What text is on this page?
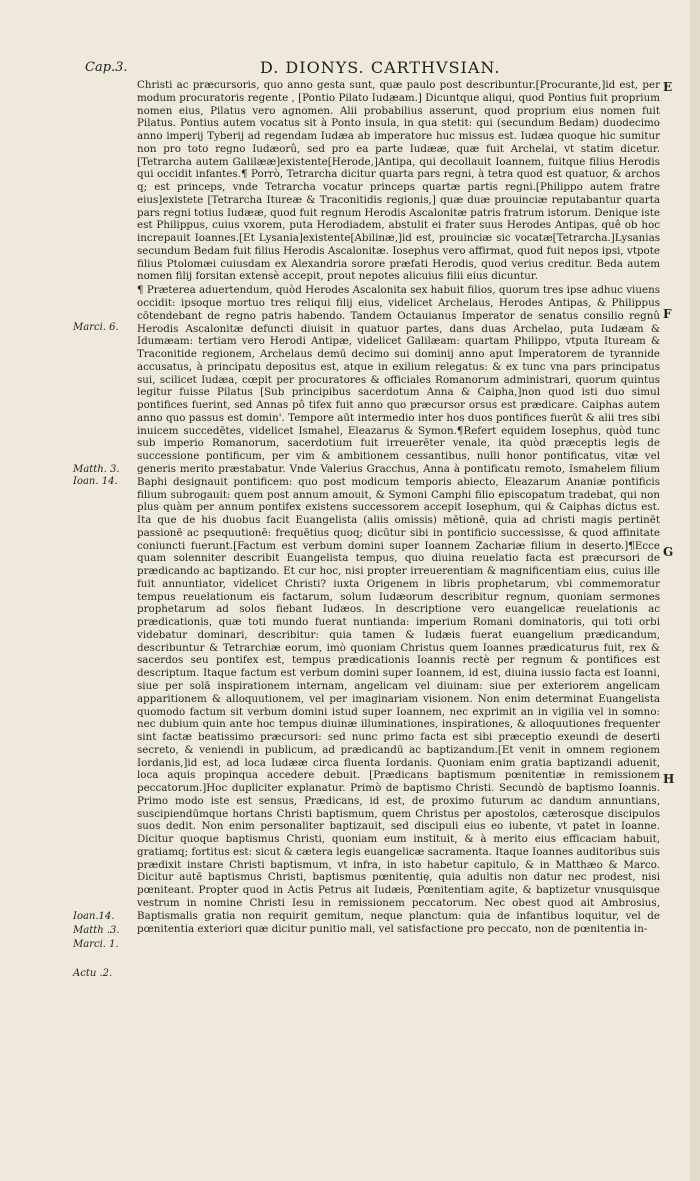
Cap.3.	D. DIONYS. CARTHVSIAN.

Christi ac præcursoris, quo anno gesta sunt, quæ paulo post describuntur.[Procurante,]id est, per modum procuratoris regente , [Pontio Pilato Iudæam.] Dicuntque aliqui, quod Pontius fuit proprium nomen eius, Pilatus vero agnomen. Alii probabilius asserunt, quod proprium eius nomen fuit Pilatus. Pontius autem vocatus sit à Ponto insula, in qua stetit: qui (secundum Bedam) duodecimo anno imperij Tyberij ad regendam Iudæa ab imperatore huc missus est. Iudæa quoque hic sumitur non pro toto regno Iudæorû, sed pro ea parte Iudææ, quæ fuit Archelai, vt statim dicetur.[Tetrarcha autem Galilææ]existente[Herode,]Antipa, qui decollauit Ioannem, fuitque filius Herodis qui occidit infantes.¶ Porrò, Tetrarcha dicitur quarta pars regni, à tetra quod est quatuor, & archos q; est princeps, vnde Tetrarcha vocatur princeps quartæ partis regni.[Philippo autem fratre eius]existete [Tetrarcha Itureæ & Traconitidis regionis,] quæ duæ prouinciæ reputabantur quarta pars regni totius Iudææ, quod fuit regnum Herodis Ascalonitæ patris fratrum istorum. Denique iste est Philippus, cuius vxorem, puta Herodiadem, abstulit ei frater suus Herodes Antipas, quê ob hoc increpauit Ioannes.[Et Lysania]existente[Abilinæ,]id est, prouinciæ sic vocatæ[Tetrarcha.]Lysanias secundum Bedam fuit filius Herodis Ascalonitæ. Iosephus vero affirmat, quod fuit nepos ipsi, vtpote filius Ptolomæi cuiusdam ex Alexandria sorore præfati Herodis, quod verius creditur. Beda autem nomen filij forsitan extensè accepit, prout nepotes alicuius filii eius dicuntur.

¶ Præterea aduertendum, quòd Herodes Ascalonita sex habuit filios, quorum tres ipse adhuc viuens occidit: ipsoque mortuo tres reliqui filij eius, videlicet Archelaus, Herodes Antipas, & Philippus cōtendebant de regno patris habendo. Tandem Octauianus Imperator de senatus consilio regnû Herodis Ascalonitæ defuncti diuisit in quatuor partes, dans duas Archelao, puta Iudæam & Idumæam: tertiam vero Herodi Antipæ, videlicet Galilæam: quartam Philippo, vtputa Ituream & Traconitide regionem, Archelaus demū decimo sui dominij anno aput Imperatorem de tyrannide accusatus, à principatu depositus est, atque in exilium relegatus: & ex tunc vna pars principatus sui, scilicet Iudæa, cœpit per procuratores & officiales Romanorum administrari, quorum quintus legitur fuisse Pilatus [Sub principibus sacerdotum Anna & Caipha,]non quod isti duo simul pontifices fuerint, sed Annas pô tifex fuit anno quo præcursor orsus est prædicare. Caiphas autem anno quo passus est domin'. Tempore aūt intermedio inter hos duos pontifices fuerūt & alii tres sibi inuicem succedētes, videlicet Ismahel, Eleazarus & Symon.¶Refert equidem Iosephus, quòd tunc sub imperio Romanorum, sacerdotium fuit irreuerēter venale, ita quòd præceptis legis de successione pontificum, per vim & ambitionem cessantibus, nulli honor pontificatus, vitæ vel generis merito præstabatur. Vnde Valerius Gracchus, Anna à pontificatu remoto, Ismahelem filium Baphi designauit pontificem: quo post modicum temporis abiecto, Eleazarum Ananiæ pontificis filium subrogauit: quem post annum amouit, & Symoni Camphi filio episcopatum tradebat, qui non plus quàm per annum pontifex existens successorem accepit Iosephum, qui & Caiphas dictus est. Ita que de his duobus facit Euangelista (aliis omissis) mētionē, quia ad christi magis pertinēt passionē ac psequutionē: frequētius quoq; dicūtur sibi in pontificio successisse, & quod affinitate coniuncti fuerunt.[Factum est verbum domini super Ioannem Zachariæ filium in deserto.]¶Ecce quam solenniter describit Euangelista tempus, quo diuina reuelatio facta est præcursori de prædicando ac baptizando. Et cur hoc, nisi propter irreuerentiam & magnificentiam eius, cuius ille fuit annuntiator, videlicet Christi? iuxta Origenem in libris prophetarum, vbi commemoratur tempus reuelationum eis factarum, solum Iudæorum describitur regnum, quoniam sermones prophetarum ad solos fiebant Iudæos. In descriptione vero euangelicæ reuelationis ac prædicationis, quæ toti mundo fuerat nuntianda: imperium Romani dominatoris, qui toti orbi videbatur dominari, describitur: quia tamen & Iudæis fuerat euangelium prædicandum, describuntur & Tetrarchiæ eorum, imò quoniam Christus quem Ioannes prædicaturus fuit, rex & sacerdos seu pontifex est, tempus prædicationis Ioannis rectè per regnum & pontifices est descriptum. Itaque factum est verbum domini super Ioannem, id est, diuina iussio facta est Ioanni, siue per solā inspirationem internam, angelicam vel diuinam: siue per exteriorem angelicam apparitionem & alloquutionem, vel per imaginariam visionem. Non enim determinat Euangelista quomodo factum sit verbum domini istud super Ioannem, nec exprimit an in vigilia vel in somno: nec dubium quin ante hoc tempus diuinæ illuminationes, inspirationes, & alloquutiones frequenter sint factæ beatissimo præcursori: sed nunc primo facta est sibi præceptio exeundi de deserti secreto, & veniendi in publicum, ad prædicandū ac baptizandum.[Et venit in omnem regionem Iordanis,]id est, ad loca Iudææ circa fluenta Iordanis. Quoniam enim gratia baptizandi aduenit, loca aquis propinqua accedere debuit. [Prædicans baptismum pœnitentiæ in remissionem peccatorum.]Hoc dupliciter explanatur. Primò de baptismo Christi. Secundò de baptismo Ioannis. Primo modo iste est sensus, Prædicans, id est, de proximo futurum ac dandum annuntians, suscipiendūmque hortans Christi baptismum, quem Christus per apostolos, cæterosque discipulos suos dedit. Non enim personaliter baptizauit, sed discipuli eius eo iubente, vt patet in Ioanne. Dicitur quoque baptismus Christi, quoniam eum instituit, & à merito eius efficaciam habuit, gratiamq; fortitus est: sicut & cætera legis euangelicæ sacramenta. Itaque Ioannes auditoribus suis prædixit instare Christi baptismum, vt infra, in isto habetur capitulo, & in Matthæo & Marco. Dicitur autē baptismus Christi, baptismus pœnitentię, quia adultis non datur nec prodest, nisi pœniteant. Propter quod in Actis Petrus ait Iudæis, Pœnitentiam agite, & baptizetur vnusquisque vestrum in nomine Christi Iesu in remissionem peccatorum. Nec obest quod ait Ambrosius, Baptismalis gratia non requirit gemitum, neque planctum: quia de infantibus loquitur, vel de pœnitentia exteriori quæ dicitur punitio mali, vel satisfactione pro peccato, non de pœnitentia in-

Marci. 6.
Matth. 3.
Ioan. 14.
Ioan.14.
Matth .3.
Marci. 1.
Actu .2.
E
F
G
H
